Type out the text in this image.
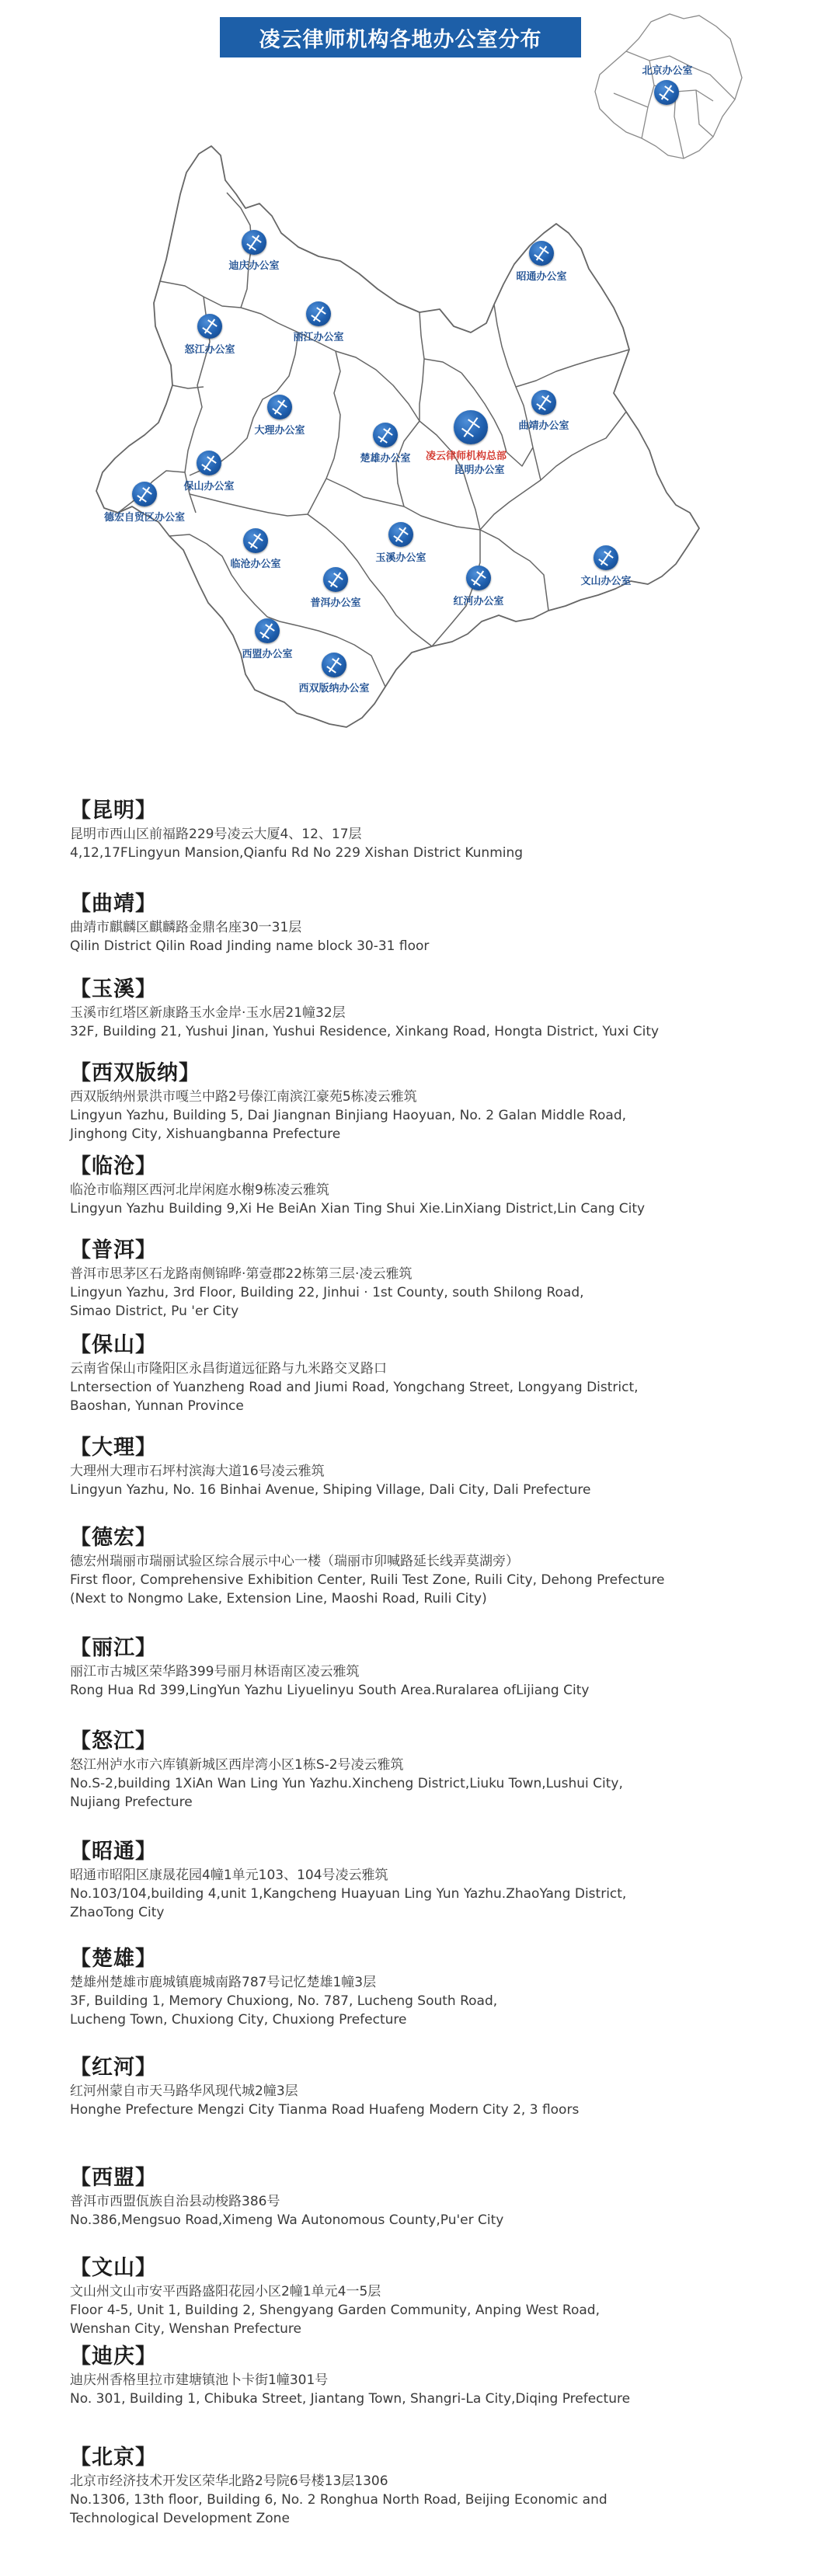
凌云律师机构各地办公室分布
北京办公室
迪庆办公室
昭通办公室
怒江办公室
丽江办公室
曲靖办公室
大理办公室
楚雄办公室	凌云律师机构总部
昆明办公室
保山办公室
德宏自贸区办公室
临沧办公室
玉溪办公室
普洱办公室	红河办公室
文山办公室
西盟办公室
西双版纳办公室
【昆明】
昆明市西山区前福路229号凌云大厦4、12、17层
4,12,17FLingyun Mansion,Qianfu Rd No 229 Xishan District Kunming
【曲靖】
曲靖市麒麟区麒麟路金鼎名座30一31层
Qilin District Qilin Road Jinding name block 30-31 floor
【玉溪】
玉溪市红塔区新康路玉水金岸·玉水居21幢32层
32F, Building 21, Yushui Jinan, Yushui Residence, Xinkang Road, Hongta District, Yuxi City
【西双版纳】
西双版纳州景洪市嘎兰中路2号傣江南滨江豪苑5栋凌云雅筑
Lingyun Yazhu, Building 5, Dai Jiangnan Binjiang Haoyuan, No. 2 Galan Middle Road,
Jinghong City, Xishuangbanna Prefecture
【临沧】
临沧市临翔区西河北岸闲庭水榭9栋凌云雅筑
Lingyun Yazhu Building 9,Xi He BeiAn Xian Ting Shui Xie.LinXiang District,Lin Cang City
【普洱】
普洱市思茅区石龙路南侧锦晔·第壹郡22栋第三层·凌云雅筑
Lingyun Yazhu, 3rd Floor, Building 22, Jinhui · 1st County, south Shilong Road,
Simao District, Pu 'er City
【保山】
云南省保山市隆阳区永昌街道远征路与九米路交叉路口
Lntersection of Yuanzheng Road and Jiumi Road, Yongchang Street, Longyang District,
Baoshan, Yunnan Province
【大理】
大理州大理市石坪村滨海大道16号凌云雅筑
Lingyun Yazhu, No. 16 Binhai Avenue, Shiping Village, Dali City, Dali Prefecture
【德宏】
德宏州瑞丽市瑞丽试验区综合展示中心一楼（瑞丽市卯喊路延长线弄莫湖旁）
First floor, Comprehensive Exhibition Center, Ruili Test Zone, Ruili City, Dehong Prefecture
(Next to Nongmo Lake, Extension Line, Maoshi Road, Ruili City)
【丽江】
丽江市古城区荣华路399号丽月林语南区凌云雅筑
Rong Hua Rd 399,LingYun Yazhu Liyuelinyu South Area.Ruralarea ofLijiang City
【怒江】
怒江州泸水市六库镇新城区西岸湾小区1栋S-2号凌云雅筑
No.S-2,building 1XiAn Wan Ling Yun Yazhu.Xincheng District,Liuku Town,Lushui City,
Nujiang Prefecture
【昭通】
昭通市昭阳区康晟花园4幢1单元103、104号凌云雅筑
No.103/104,building 4,unit 1,Kangcheng Huayuan Ling Yun Yazhu.ZhaoYang District,
ZhaoTong City
【楚雄】
楚雄州楚雄市鹿城镇鹿城南路787号记忆楚雄1幢3层
3F, Building 1, Memory Chuxiong, No. 787, Lucheng South Road,
Lucheng Town, Chuxiong City, Chuxiong Prefecture
【红河】
红河州蒙自市天马路华风现代城2幢3层
Honghe Prefecture Mengzi City Tianma Road Huafeng Modern City 2, 3 floors
【西盟】
普洱市西盟佤族自治县动梭路386号
No.386,Mengsuo Road,Ximeng Wa Autonomous County,Pu'er City
【文山】
文山州文山市安平西路盛阳花园小区2幢1单元4一5层
Floor 4-5, Unit 1, Building 2, Shengyang Garden Community, Anping West Road,
Wenshan City, Wenshan Prefecture
【迪庆】
迪庆州香格里拉市建塘镇池卜卡街1幢301号
No. 301, Building 1, Chibuka Street, Jiantang Town, Shangri-La City,Diqing Prefecture
【北京】
北京市经济技术开发区荣华北路2号院6号楼13层1306
No.1306, 13th floor, Building 6, No. 2 Ronghua North Road, Beijing Economic and
Technological Development Zone
